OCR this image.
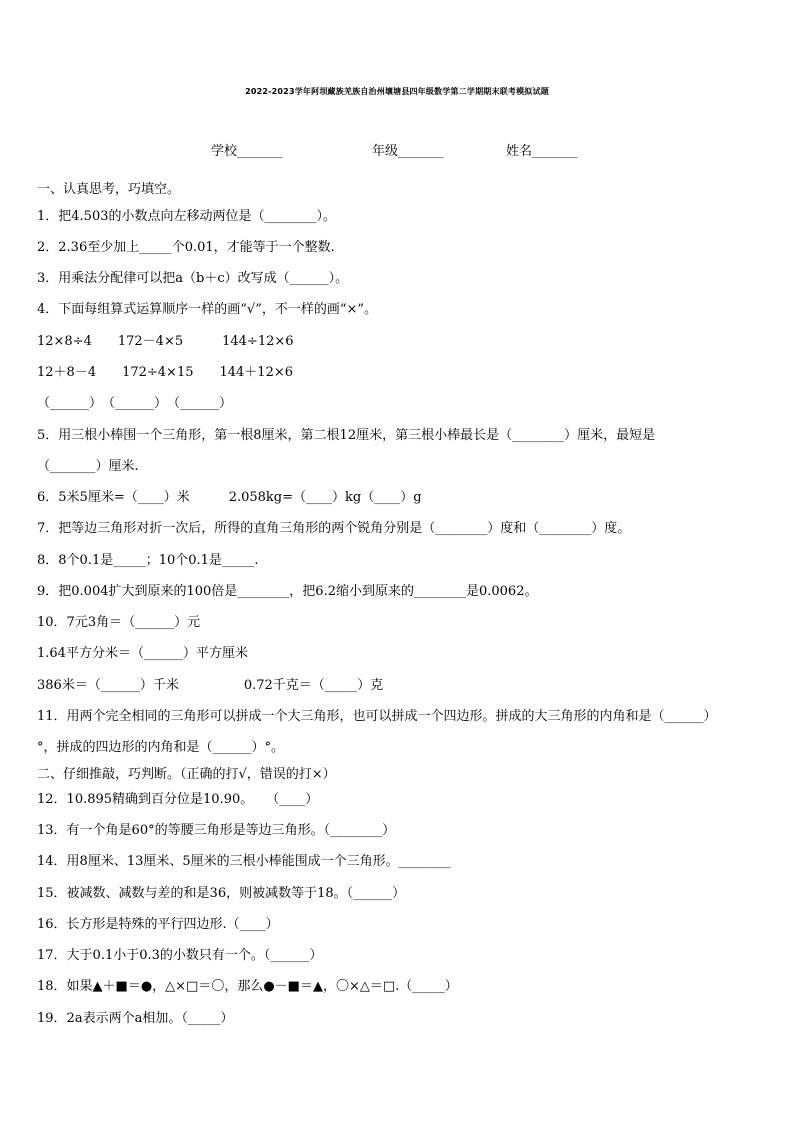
2022-2023学年阿坝藏族羌族自治州壤塘县四年级数学第二学期期末联考模拟试题
学校_______	年级_______	姓名_______
一、认真思考，巧填空。
1．把4.503的小数点向左移动两位是（________）。
2．2.36至少加上_____个0.01，才能等于一个整数.
3．用乘法分配律可以把a（b＋c）改写成（______）。
4．下面每组算式运算顺序一样的画“√”，不一样的画“×”。
12×8÷4　　172－4×5　　　144÷12×6
12＋8－4　　172÷4×15　　144＋12×6
（______）　（______）　（______）
5．用三根小棒围一个三角形，第一根8厘米，第二根12厘米，第三根小棒最长是（________）厘米，最短是
（_______）厘米.
6．5米5厘米=（____）米　　　2.058kg=（____）kg（____）g
7．把等边三角形对折一次后，所得的直角三角形的两个锐角分别是（________）度和（________）度。
8．8个0.1是_____；10个0.1是_____.
9．把0.004扩大到原来的100倍是________，把6.2缩小到原来的________是0.0062。
10．7元3角＝（______）元
1.64平方分米＝（______）平方厘米
386米＝（______）千米　　　　　0.72千克＝（_____）克
11．用两个完全相同的三角形可以拼成一个大三角形，也可以拼成一个四边形。拼成的大三角形的内角和是（______）
°，拼成的四边形的内角和是（______）°。
二、仔细推敲，巧判断。（正确的打√，错误的打×）
12．10.895精确到百分位是10.90。　　（____）
13．有一个角是60°的等腰三角形是等边三角形。（________）
14．用8厘米、13厘米、5厘米的三根小棒能围成一个三角形。________
15．被减数、减数与差的和是36，则被减数等于18。（______）
16．长方形是特殊的平行四边形.（____）
17．大于0.1小于0.3的小数只有一个。（______）
18．如果▲＋■＝●，△×□＝〇，那么●－■＝▲，〇×△＝□.（_____）
19．2a表示两个a相加。（_____）
